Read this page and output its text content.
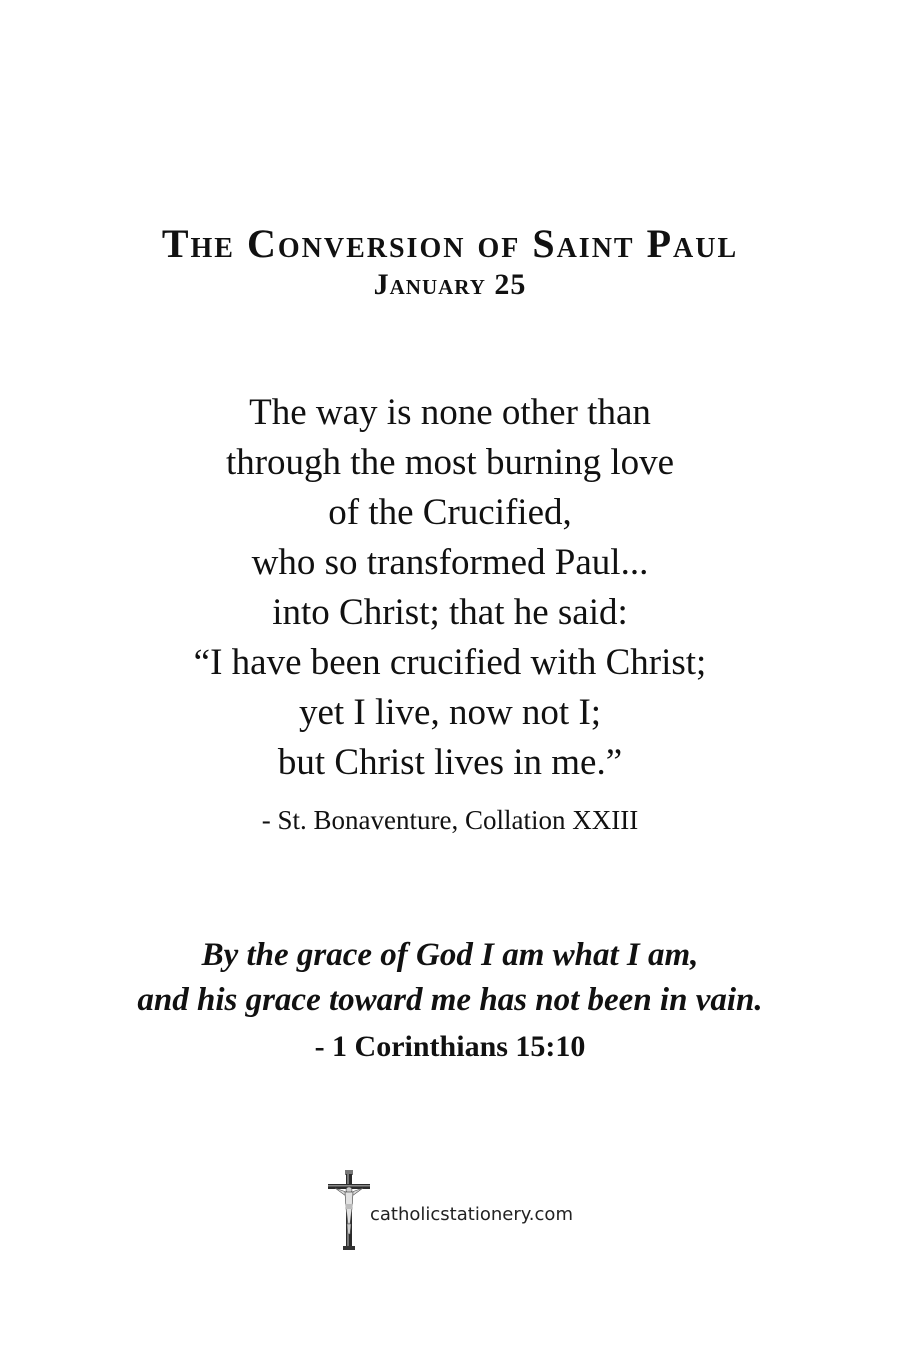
The Conversion of Saint Paul
January 25
The way is none other than
through the most burning love
of the Crucified,
who so transformed Paul...
into Christ; that he said:
“I have been crucified with Christ;
yet I live, now not I;
but Christ lives in me.”
- St. Bonaventure, Collation XXIII
By the grace of God I am what I am,
and his grace toward me has not been in vain.
- 1 Corinthians 15:10
catholicstationery.com
